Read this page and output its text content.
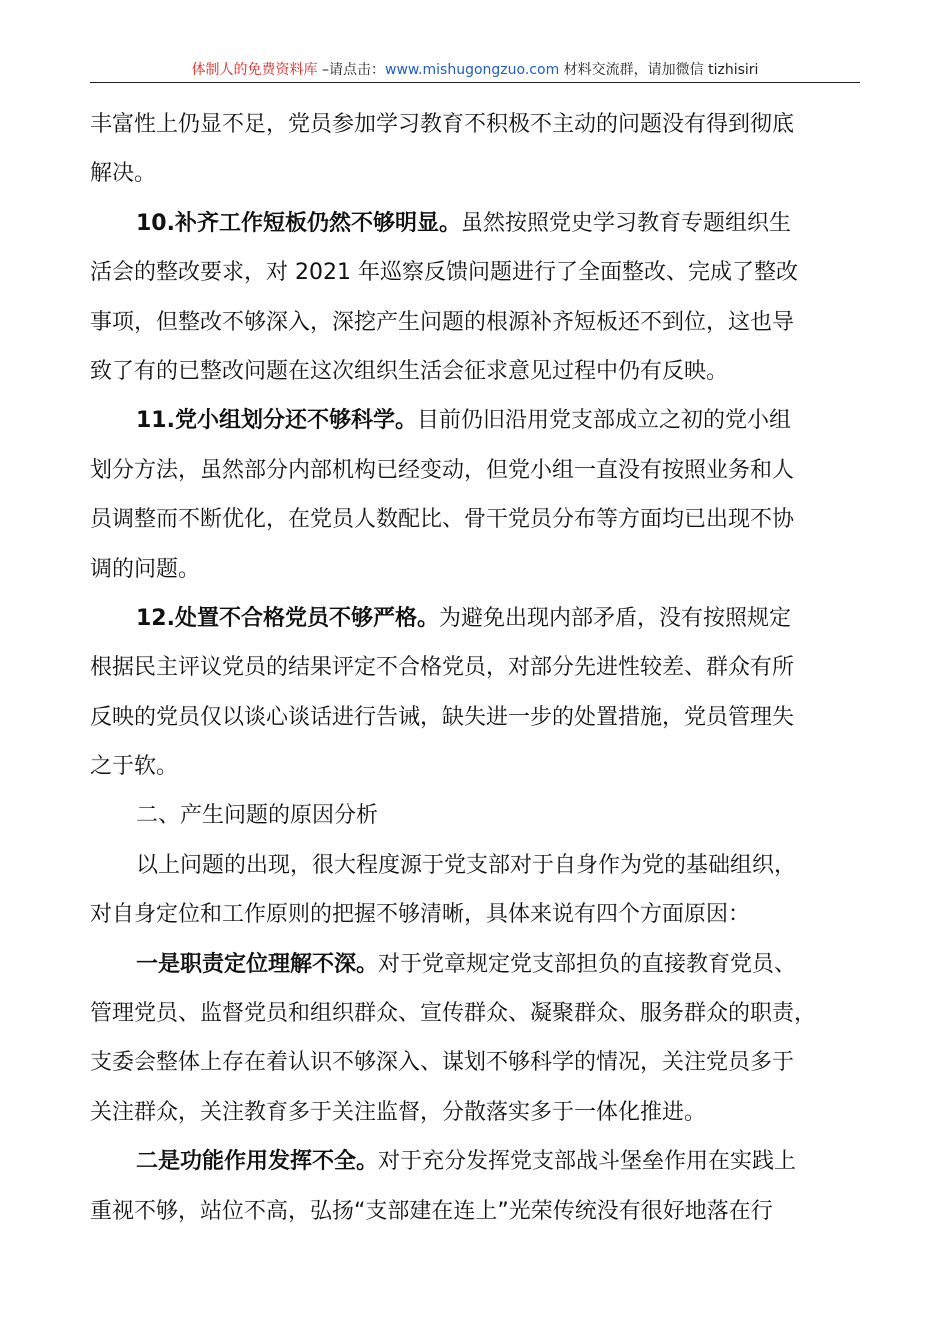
体制人的免费资料库 –请点击：www.mishugongzuo.com 材料交流群，请加微信 tizhisiri
丰富性上仍显不足，党员参加学习教育不积极不主动的问题没有得到彻底
解决。
10.补齐工作短板仍然不够明显。虽然按照党史学习教育专题组织生
活会的整改要求，对 2021 年巡察反馈问题进行了全面整改、完成了整改
事项，但整改不够深入，深挖产生问题的根源补齐短板还不到位，这也导
致了有的已整改问题在这次组织生活会征求意见过程中仍有反映。
11.党小组划分还不够科学。目前仍旧沿用党支部成立之初的党小组
划分方法，虽然部分内部机构已经变动，但党小组一直没有按照业务和人
员调整而不断优化，在党员人数配比、骨干党员分布等方面均已出现不协
调的问题。
12.处置不合格党员不够严格。为避免出现内部矛盾，没有按照规定
根据民主评议党员的结果评定不合格党员，对部分先进性较差、群众有所
反映的党员仅以谈心谈话进行告诫，缺失进一步的处置措施，党员管理失
之于软。
二、产生问题的原因分析
以上问题的出现，很大程度源于党支部对于自身作为党的基础组织，
对自身定位和工作原则的把握不够清晰，具体来说有四个方面原因：
一是职责定位理解不深。对于党章规定党支部担负的直接教育党员、
管理党员、监督党员和组织群众、宣传群众、凝聚群众、服务群众的职责，
支委会整体上存在着认识不够深入、谋划不够科学的情况，关注党员多于
关注群众，关注教育多于关注监督，分散落实多于一体化推进。
二是功能作用发挥不全。对于充分发挥党支部战斗堡垒作用在实践上
重视不够，站位不高，弘扬“支部建在连上”光荣传统没有很好地落在行
